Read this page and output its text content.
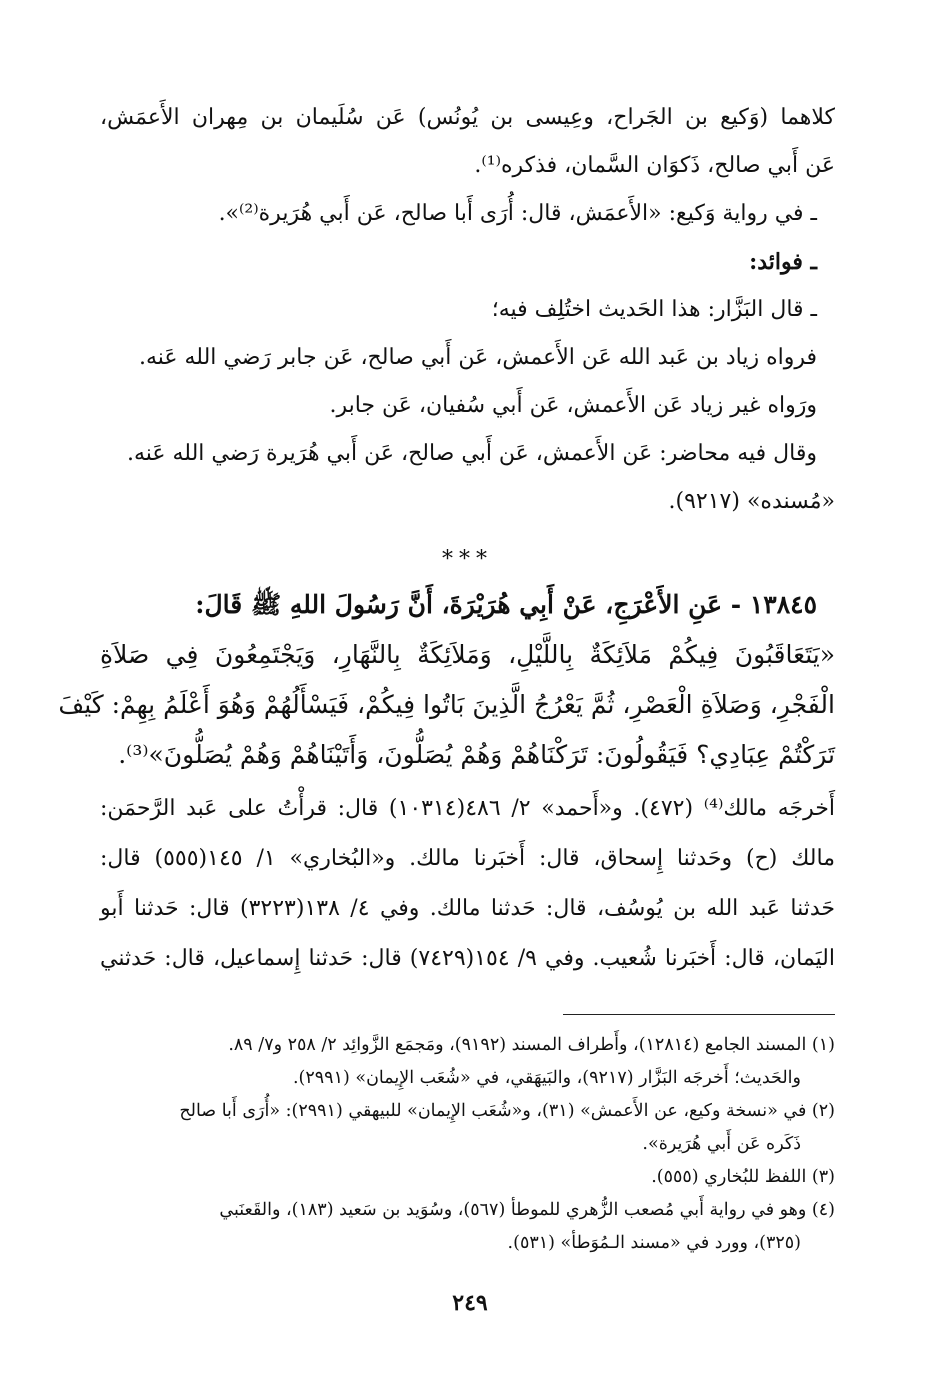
كلاهما (وَكيع بن الجَراح، وعِيسى بن يُونُس) عَن سُلَيمان بن مِهران الأَعمَش،
عَن أَبي صالح، ذَكوَان السَّمان، فذكره⁽¹⁾.
ـ في رواية وَكيع: «الأَعمَش، قال: أُرَى أَبا صالح، عَن أَبي هُرَيرة⁽²⁾».
ـ فوائد:
ـ قال البَزَّار: هذا الحَديث اختُلِف فيه؛
فرواه زياد بن عَبد الله عَن الأَعمش، عَن أَبي صالح، عَن جابر رَضي الله عَنه.
ورَواه غير زياد عَن الأَعمش، عَن أَبي سُفيان، عَن جابر.
وقال فيه محاضر: عَن الأَعمش، عَن أَبي صالح، عَن أَبي هُرَيرة رَضي الله عَنه.
«مُسنده» (٩٢١٧).
***
١٣٨٤٥ - عَنِ الأَعْرَجِ، عَنْ أَبِي هُرَيْرَةَ، أَنَّ رَسُولَ اللهِ ﷺ قَالَ:
«يَتَعَاقَبُونَ فِيكُمْ مَلاَئِكَةٌ بِاللَّيْلِ، وَمَلاَئِكَةٌ بِالنَّهَارِ، وَيَجْتَمِعُونَ فِي صَلاَةِ
الْفَجْرِ، وَصَلاَةِ الْعَصْرِ، ثُمَّ يَعْرُجُ الَّذِينَ بَاتُوا فِيكُمْ، فَيَسْأَلُهُمْ وَهُوَ أَعْلَمُ بِهِمْ: كَيْفَ
تَرَكْتُمْ عِبَادِي؟ فَيَقُولُونَ: تَرَكْنَاهُمْ وَهُمْ يُصَلُّونَ، وَأَتَيْنَاهُمْ وَهُمْ يُصَلُّونَ»⁽³⁾.
أَخرجَه مالك⁽⁴⁾ (٤٧٢). و«أَحمد» ٢/ ٤٨٦(١٠٣١٤) قال: قرأْتُ على عَبد الرَّحمَن:
مالك (ح) وحَدثنا إِسحاق، قال: أَخبَرنا مالك. و«البُخاري» ١/ ١٤٥(٥٥٥) قال:
حَدثنا عَبد الله بن يُوسُف، قال: حَدثنا مالك. وفي ٤/ ١٣٨(٣٢٢٣) قال: حَدثنا أَبو
اليَمان، قال: أَخبَرنا شُعيب. وفي ٩/ ١٥٤(٧٤٢٩) قال: حَدثنا إِسماعيل، قال: حَدثني
(١) المسند الجامع (١٢٨١٤)، وأَطراف المسند (٩١٩٢)، ومَجمَع الزَّوائِد ٢/ ٢٥٨ و٧/ ٨٩.
والحَديث؛ أَخرجَه البَزَّار (٩٢١٧)، والبَيهَقي، في «شُعَب الإِيمان» (٢٩٩١).
(٢) في «نسخة وكيع، عن الأَعمش» (٣١)، و«شُعَب الإِيمان» للبيهقي (٢٩٩١): «أُرَى أَبا صالح
ذَكَره عَن أَبي هُرَيرة».
(٣) اللفظ للبُخاري (٥٥٥).
(٤) وهو في رواية أَبي مُصعب الزُّهري للموطأ (٥٦٧)، وسُوَيد بن سَعيد (١٨٣)، والقَعنَبي
(٣٢٥)، وورد في «مسند الـمُوَطأ» (٥٣١).
٢٤٩
